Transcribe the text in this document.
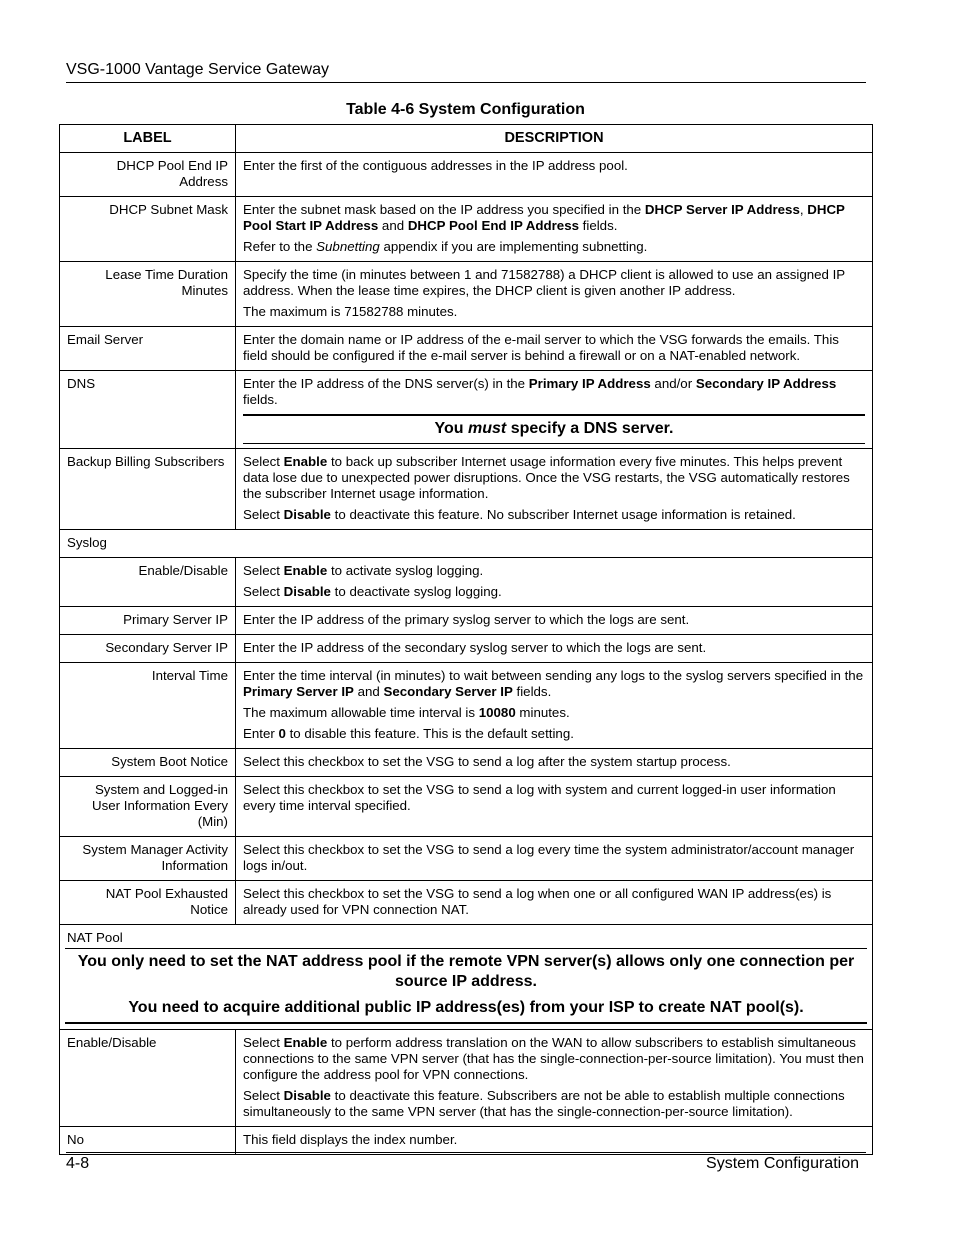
VSG-1000 Vantage Service Gateway
Table 4-6 System Configuration
LABEL	DESCRIPTION
DHCP Pool End IP Address	Enter the first of the contiguous addresses in the IP address pool.

DHCP Subnet Mask	Enter the subnet mask based on the IP address you specified in the DHCP Server IP Address, DHCP Pool Start IP Address and DHCP Pool End IP Address fields.

Refer to the Subnetting appendix if you are implementing subnetting.

Lease Time Duration Minutes	Specify the time (in minutes between 1 and 71582788) a DHCP client is allowed to use an assigned IP address. When the lease time expires, the DHCP client is given another IP address.

The maximum is 71582788 minutes.

Email Server	Enter the domain name or IP address of the e-mail server to which the VSG forwards the emails. This field should be configured if the e-mail server is behind a firewall or on a NAT-enabled network.

DNS	Enter the IP address of the DNS server(s) in the Primary IP Address and/or Secondary IP Address fields.

You must specify a DNS server.

Backup Billing Subscribers	Select Enable to back up subscriber Internet usage information every five minutes. This helps prevent data lose due to unexpected power disruptions. Once the VSG restarts, the VSG automatically restores the subscriber Internet usage information.

Select Disable to deactivate this feature. No subscriber Internet usage information is retained.

Syslog	
Enable/Disable	Select Enable to activate syslog logging.

Select Disable to deactivate syslog logging.

Primary Server IP	Enter the IP address of the primary syslog server to which the logs are sent.

Secondary Server IP	Enter the IP address of the secondary syslog server to which the logs are sent.

Interval Time	Enter the time interval (in minutes) to wait between sending any logs to the syslog servers specified in the Primary Server IP and Secondary Server IP fields.

The maximum allowable time interval is 10080 minutes.

Enter 0 to disable this feature. This is the default setting.

System Boot Notice	Select this checkbox to set the VSG to send a log after the system startup process.

System and Logged-in User Information Every (Min)	Select this checkbox to set the VSG to send a log with system and current logged-in user information every time interval specified.

System Manager Activity Information	Select this checkbox to set the VSG to send a log every time the system administrator/account manager logs in/out.

NAT Pool Exhausted Notice	Select this checkbox to set the VSG to send a log when one or all configured WAN IP address(es) is already used for VPN connection NAT.

NAT Pool

You only need to set the NAT address pool if the remote VPN server(s) allows only one connection per source IP address.

You need to acquire additional public IP address(es) from your ISP to create NAT pool(s).	

Enable/Disable	Select Enable to perform address translation on the WAN to allow subscribers to establish simultaneous connections to the same VPN server (that has the single-connection-per-source limitation). You must then configure the address pool for VPN connections.

Select Disable to deactivate this feature. Subscribers are not be able to establish multiple connections simultaneously to the same VPN server (that has the single-connection-per-source limitation).

No	This field displays the index number.

4-8	System Configuration
